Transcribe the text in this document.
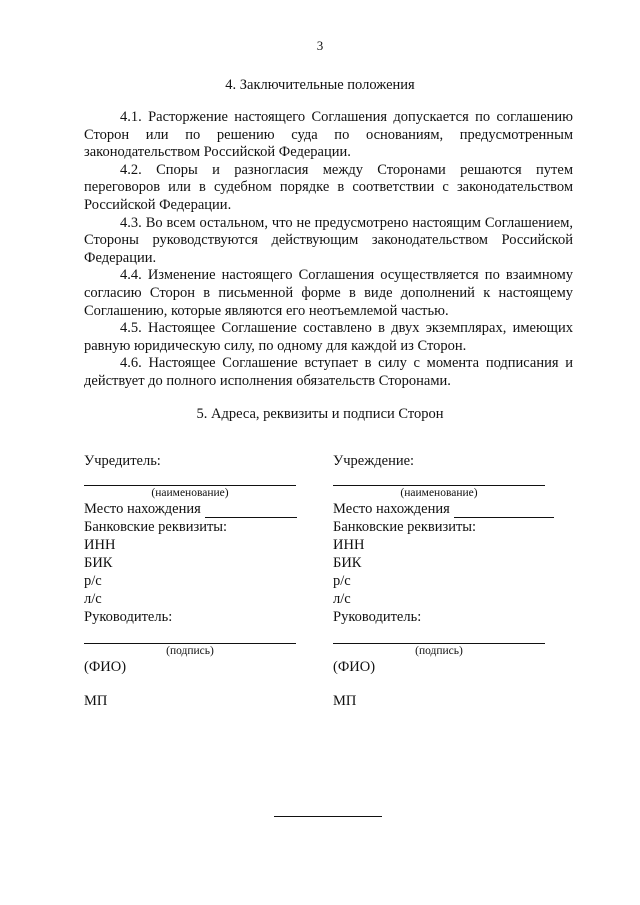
3
4. Заключительные положения

4.1. Расторжение настоящего Соглашения допускается по соглашению Сторон или по решению суда по основаниям, предусмотренным законодательством Российской Федерации.

4.2. Споры и разногласия между Сторонами решаются путем переговоров или в судебном порядке в соответствии с законодательством Российской Федерации.

4.3. Во всем остальном, что не предусмотрено настоящим Соглашением, Стороны руководствуются действующим законодательством Российской Федерации.

4.4. Изменение настоящего Соглашения осуществляется по взаимному согласию Сторон в письменной форме в виде дополнений к настоящему Соглашению, которые являются его неотъемлемой частью.

4.5. Настоящее Соглашение составлено в двух экземплярах, имеющих равную юридическую силу, по одному для каждой из Сторон.

4.6. Настоящее Соглашение вступает в силу с момента подписания и действует до полного исполнения обязательств Сторонами.

5. Адреса, реквизиты и подписи Сторон
Учредитель:
(наименование)
Место нахождения
Банковские реквизиты:
ИНН
БИК
р/с
л/с
Руководитель:
(подпись)
(ФИО)
МП
Учреждение:
(наименование)
Место нахождения
Банковские реквизиты:
ИНН
БИК
р/с
л/с
Руководитель:
(подпись)
(ФИО)
МП
